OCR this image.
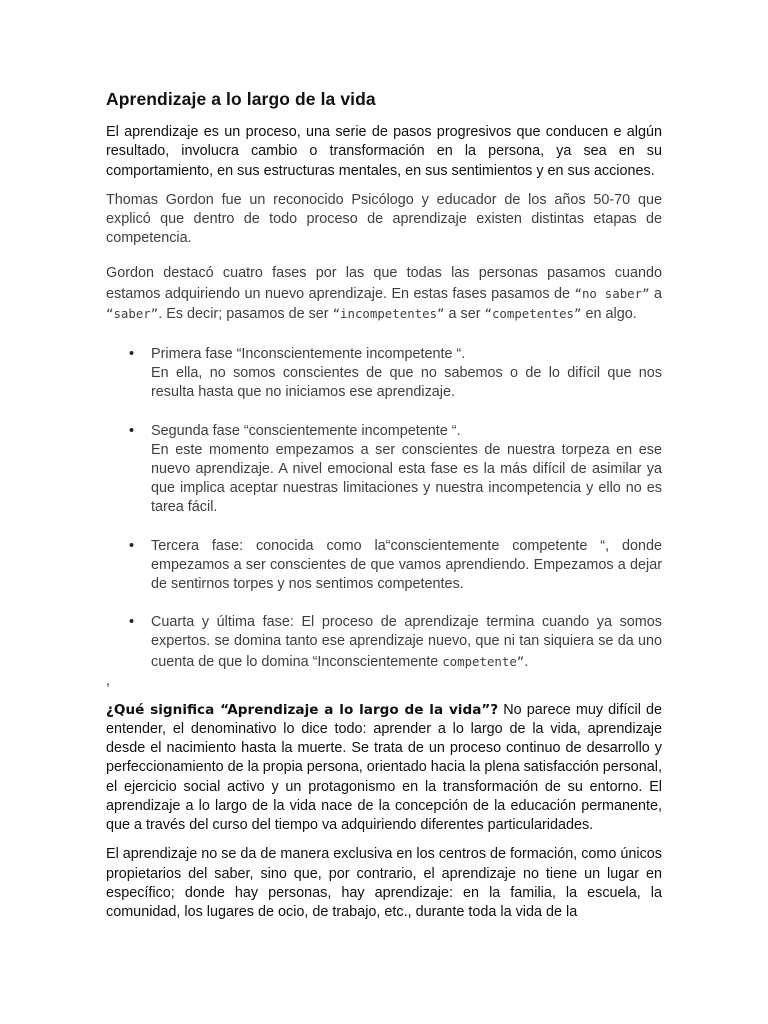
Aprendizaje a lo largo de la vida

El aprendizaje es un proceso, una serie de pasos progresivos que conducen e algún resultado, involucra cambio o transformación en la persona, ya sea en su comportamiento, en sus estructuras mentales, en sus sentimientos y en sus acciones.

Thomas Gordon fue un reconocido Psicólogo y educador de los años 50-70 que explicó que dentro de todo proceso de aprendizaje existen distintas etapas de competencia.

Gordon destacó cuatro fases por las que todas las personas pasamos cuando estamos adquiriendo un nuevo aprendizaje. En estas fases pasamos de “no saber” a “saber”. Es decir; pasamos de ser “incompetentes” a ser “competentes” en algo.

• Primera fase “Inconscientemente incompetente “.

En ella, no somos conscientes de que no sabemos o de lo difícil que nos resulta hasta que no iniciamos ese aprendizaje.

• Segunda fase “conscientemente incompetente “.

En este momento empezamos a ser conscientes de nuestra torpeza en ese nuevo aprendizaje. A nivel emocional esta fase es la más difícil de asimilar ya que implica aceptar nuestras limitaciones y nuestra incompetencia y ello no es tarea fácil.

• Tercera fase: conocida como la“conscientemente competente “, donde empezamos a ser conscientes de que vamos aprendiendo. Empezamos a dejar de sentirnos torpes y nos sentimos competentes.

• Cuarta y última fase: El proceso de aprendizaje termina cuando ya somos expertos. se domina tanto ese aprendizaje nuevo, que ni tan siquiera se da uno cuenta de que lo domina “Inconscientemente competente”.

,

¿Qué significa “Aprendizaje a lo largo de la vida”? No parece muy difícil de entender, el denominativo lo dice todo: aprender a lo largo de la vida, aprendizaje desde el nacimiento hasta la muerte. Se trata de un proceso continuo de desarrollo y perfeccionamiento de la propia persona, orientado hacia la plena satisfacción personal, el ejercicio social activo y un protagonismo en la transformación de su entorno. El aprendizaje a lo largo de la vida nace de la concepción de la educación permanente, que a través del curso del tiempo va adquiriendo diferentes particularidades.

El aprendizaje no se da de manera exclusiva en los centros de formación, como únicos propietarios del saber, sino que, por contrario, el aprendizaje no tiene un lugar en específico; donde hay personas, hay aprendizaje: en la familia, la escuela, la comunidad, los lugares de ocio, de trabajo, etc., durante toda la vida de la
